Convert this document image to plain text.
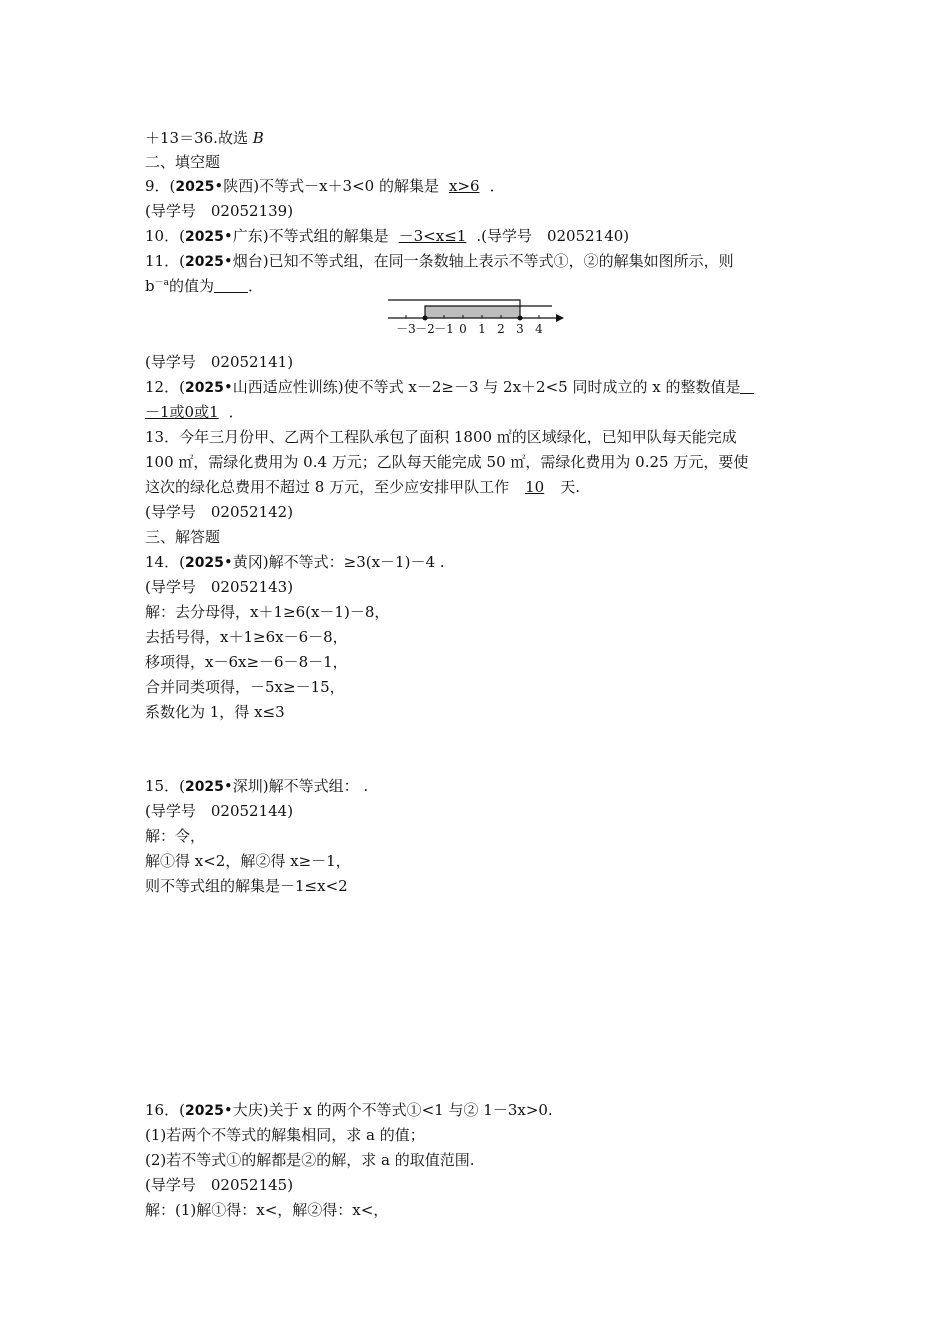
＋13＝36.故选 B
二、填空题
9．(2025•陕西)不等式－x＋3<0 的解集是 x>6 ．
(导学号　02052139)
10．(2025•广东)不等式组的解集是 －3<x≤1 .(导学号　02052140)
11．(2025•烟台)已知不等式组，在同一条数轴上表示不等式①，②的解集如图所示，则
$b^{-a}$的值为 ．
－3 －2 －1 0 1 2 3 4
(导学号　02052141)
12．(2025•山西适应性训练)使不等式 x－2≥－3 与 2x＋2<5 同时成立的 x 的整数值是
－1或0或1 ．
13．今年三月份甲、乙两个工程队承包了面积 1800 ㎡的区域绿化，已知甲队每天能完成
100 ㎡，需绿化费用为 0.4 万元；乙队每天能完成 50 ㎡，需绿化费用为 0.25 万元，要使
这次的绿化总费用不超过 8 万元，至少应安排甲队工作 10 天.
(导学号　02052142)
三、解答题
14．(2025•黄冈)解不等式：≥3(x－1)－4 .
(导学号　02052143)
解：去分母得，x＋1≥6(x－1)－8，
去括号得，x＋1≥6x－6－8，
移项得，x－6x≥－6－8－1，
合并同类项得，－5x≥－15，
系数化为 1，得 x≤3
15．(2025•深圳)解不等式组： .
(导学号　02052144)
解：令，
解①得 x<2，解②得 x≥－1，
则不等式组的解集是－1≤x<2
16．(2025•大庆)关于 x 的两个不等式①<1 与② 1－3x>0.
(1)若两个不等式的解集相同，求 a 的值；
(2)若不等式①的解都是②的解，求 a 的取值范围.
(导学号　02052145)
解：(1)解①得：x<，解②得：x<，
